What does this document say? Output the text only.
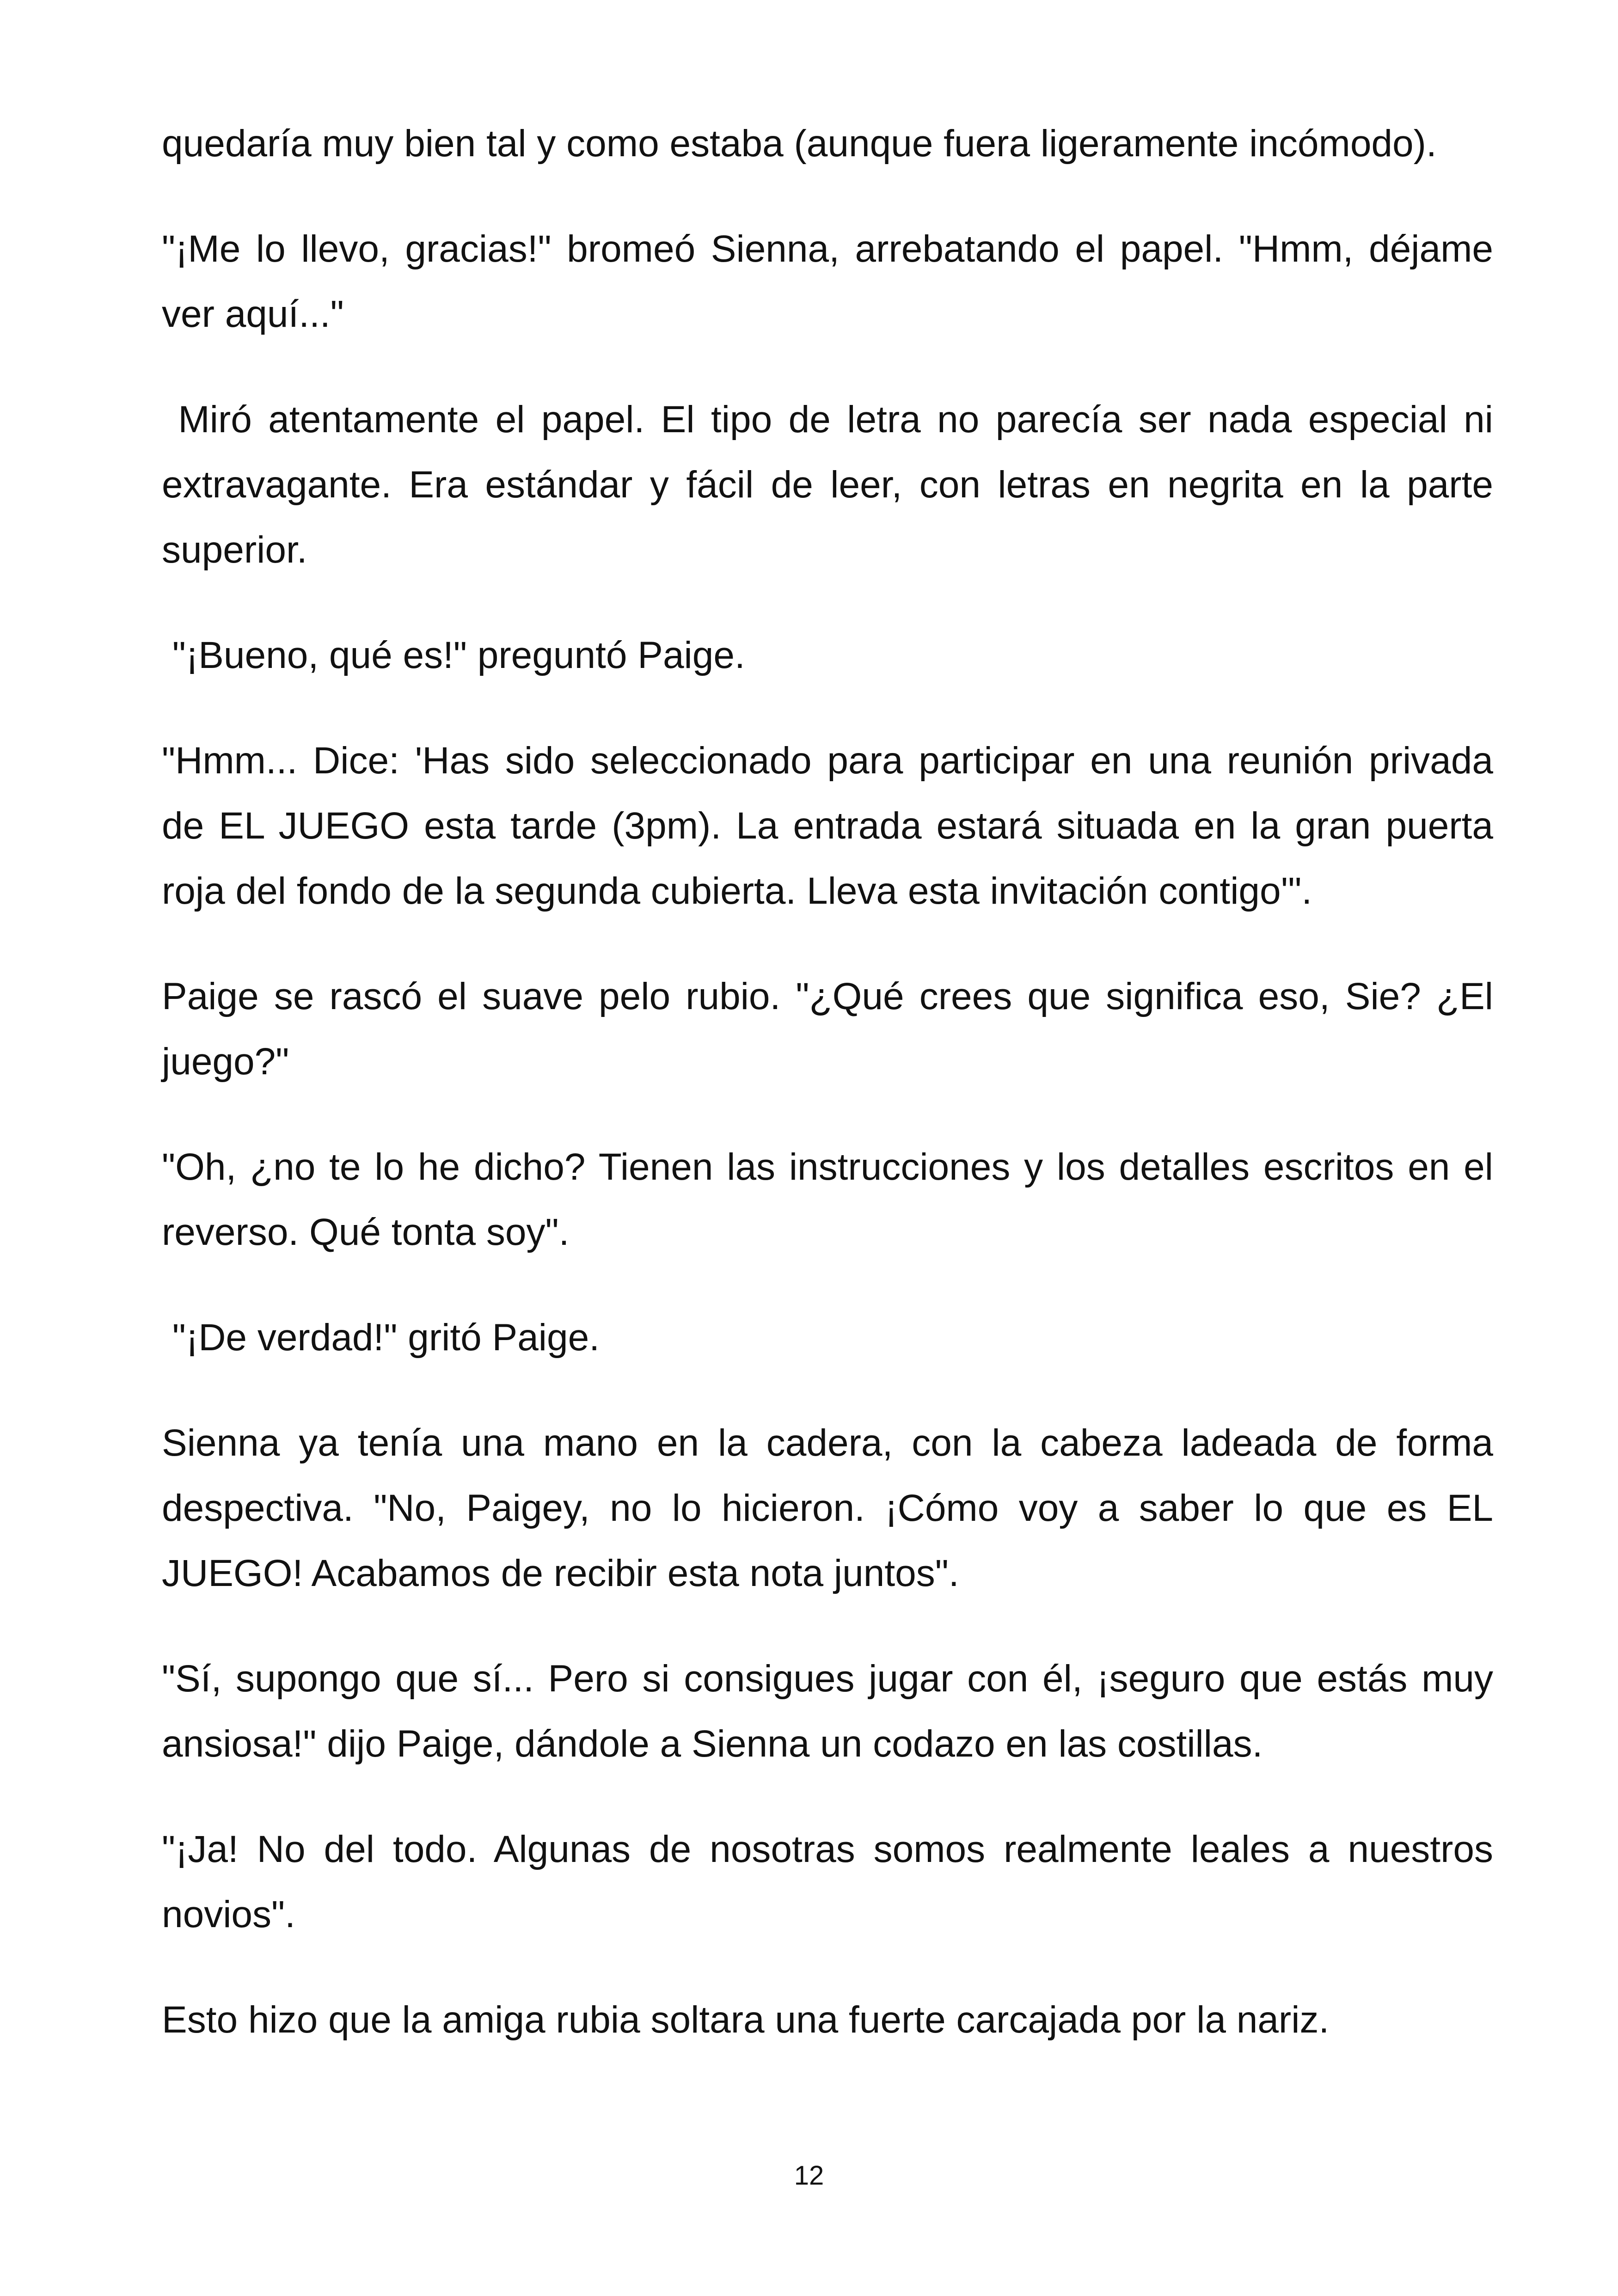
quedaría muy bien tal y como estaba (aunque fuera ligeramente incómodo).

"¡Me lo llevo, gracias!" bromeó Sienna, arrebatando el papel. "Hmm, déjame ver aquí..."

Miró atentamente el papel. El tipo de letra no parecía ser nada especial ni extravagante. Era estándar y fácil de leer, con letras en negrita en la parte superior.

"¡Bueno, qué es!" preguntó Paige.

"Hmm... Dice: 'Has sido seleccionado para participar en una reunión privada de EL JUEGO esta tarde (3pm). La entrada estará situada en la gran puerta roja del fondo de la segunda cubierta. Lleva esta invitación contigo'".

Paige se rascó el suave pelo rubio. "¿Qué crees que significa eso, Sie? ¿El juego?"

"Oh, ¿no te lo he dicho? Tienen las instrucciones y los detalles escritos en el reverso. Qué tonta soy".

"¡De verdad!" gritó Paige.

Sienna ya tenía una mano en la cadera, con la cabeza ladeada de forma despectiva. "No, Paigey, no lo hicieron. ¡Cómo voy a saber lo que es EL JUEGO! Acabamos de recibir esta nota juntos".

"Sí, supongo que sí... Pero si consigues jugar con él, ¡seguro que estás muy ansiosa!" dijo Paige, dándole a Sienna un codazo en las costillas.

"¡Ja! No del todo. Algunas de nosotras somos realmente leales a nuestros novios".

Esto hizo que la amiga rubia soltara una fuerte carcajada por la nariz.

12
